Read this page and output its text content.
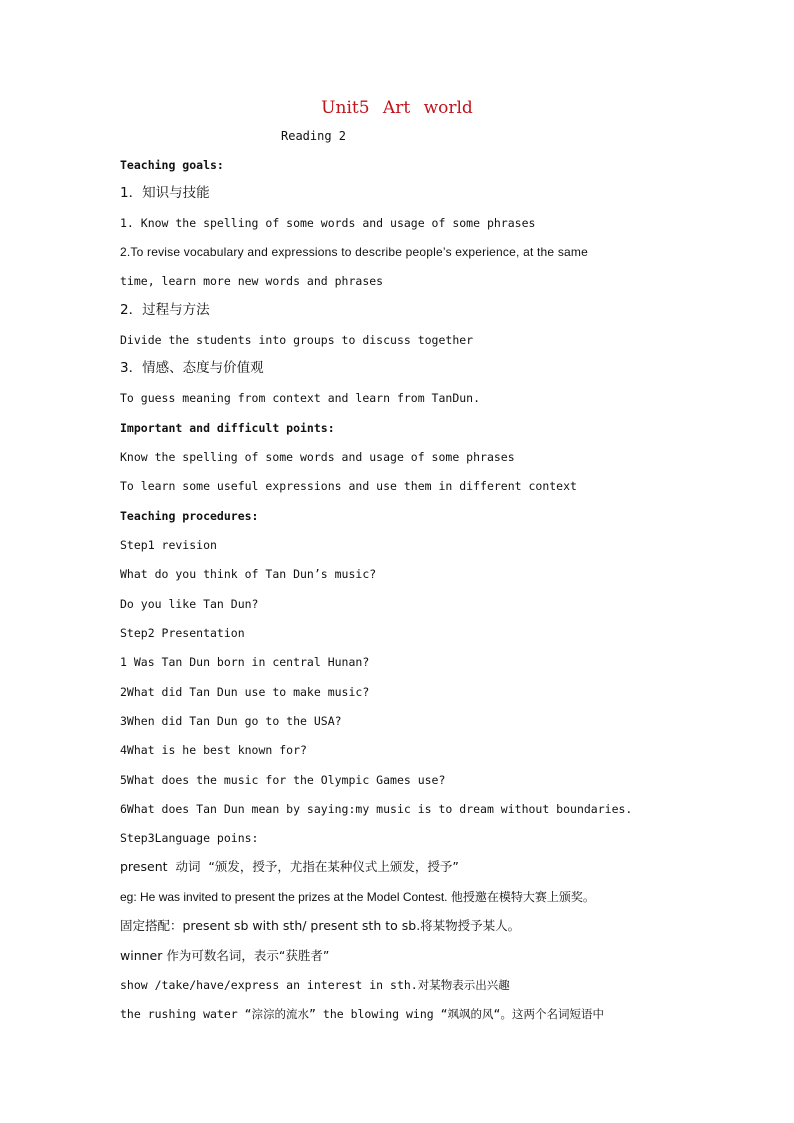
Unit5 Art world
Reading 2
Teaching goals:
1．知识与技能
1. Know the spelling of some words and usage of some phrases
2.To revise vocabulary and expressions to describe people’s experience, at the same
time, learn more new words and phrases
2．过程与方法
Divide the students into groups to discuss together
3．情感、态度与价值观
To guess meaning from context and learn from TanDun.
Important and difficult points:
Know the spelling of some words and usage of some phrases
To learn some useful expressions and use them in different context
Teaching procedures:
Step1 revision
What do you think of Tan Dun’s music?
Do you like Tan Dun?
Step2 Presentation
1 Was Tan Dun born in central Hunan?
2What did Tan Dun use to make music?
3When did Tan Dun go to the USA?
4What is he best known for?
5What does the music for the Olympic Games use?
6What does Tan Dun mean by saying:my music is to dream without boundaries.
Step3Language poins:
present  动词  “颁发，授予，尤指在某种仪式上颁发，授予”
eg: He was invited to present the prizes at the Model Contest. 他授邀在模特大赛上颁奖。
固定搭配：present sb with sth/ present sth to sb.将某物授予某人。
winner 作为可数名词，表示“获胜者”
show /take/have/express an interest in sth.对某物表示出兴趣
the rushing water “淙淙的流水” the blowing wing “飒飒的风“。这两个名词短语中
